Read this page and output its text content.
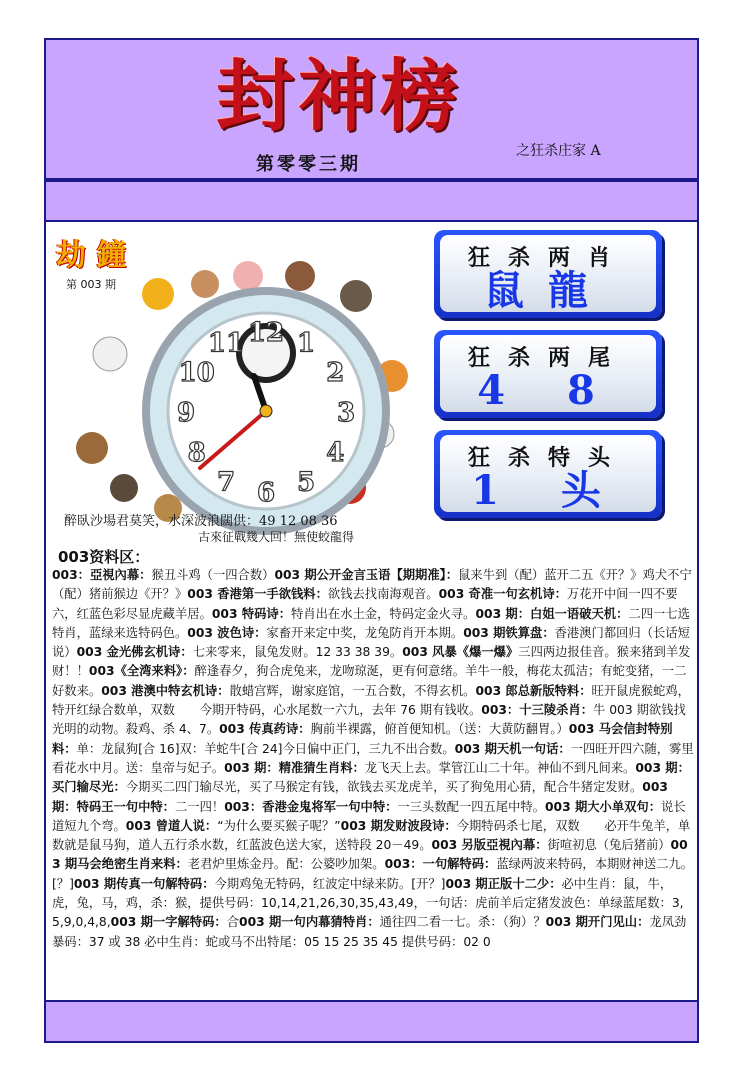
封神榜
第零零三期
之狂杀庄家 A
劫 鐘
第 003 期
12
11
10
9
8
7 6 5
4
3
2
1
醉臥沙場君莫笑，水深波浪闊供：49 12 08 36
古來征戰幾人回！無使蛟龍得
狂杀两肖
鼠龍
狂杀两尾
4 8
狂杀特头
1 头
003资料区：
003：亞視內幕：猴丑斗鸡（一四合数）003 期公开金言玉语【期期准】：鼠来牛到（配）蓝开二五《开？》鸡犬不宁（配）猪前猴边《开？》003 香港第一手欲钱料：欲钱去找南海观音。003 奇准一句玄机诗：万花开中间一四不要六，红蓝色彩尽显虎藏羊居。003 特码诗：特肖出在水土金，特码定金火寻。003 期：白姐一语破天机：二四一七选特肖，蓝绿来选特码色。003 波色诗：家畜开来定中奖，龙兔防肖开本期。003 期铁算盘：香港澳门都回归（长话短说）003 金光佛玄机诗：七来零来，鼠兔发财。12 33 38 39。003 风暴《爆一爆》三四两边报佳音。猴来猪到羊发财！！003《全湾来料》：醉逢春夕，狗合虎兔来，龙吻琼涎，更有何意绪。羊牛一般，梅花太孤洁；有蛇变猪，一二好数来。003 港澳中特玄机诗：散蜡宫辉，谢家庭馆，一五合数，不得玄机。003 郎总新版特料：旺开鼠虎猴蛇鸡，特开红绿合数单，双数　　今期开特码，心水尾数一六九，去年 76 期有钱收。003：十三陵杀肖：牛 003 期欲钱找光明的动物。殺鸡、杀 4、7。003 传真药诗：胸前半裸露，俯首便知机。（送：大黄防翻胃。）003 马会信封特别料：单：龙鼠狗[合 16]双：羊蛇牛[合 24]今日偏中正门，三九不出合数。003 期天机一句话：一四旺开四六随，雾里看花水中月。送：皇帝与妃子。003 期：精准猜生肖料：龙飞天上去。掌管江山二十年。神仙不到凡间来。003 期：买门输尽光：今期买二四门输尽光，买了马猴定有钱，欲钱去买龙虎羊，买了狗兔用心猜，配合牛猪定发财。003 期：特码王一句中特：二一四！003：香港金鬼将军一句中特：一三头数配一四五尾中特。003 期大小单双句：说长道短九个弯。003 曾道人说：“为什么要买猴子呢？”003 期发财波段诗：今期特码杀七尾，双数　　必开牛兔羊，单数就是鼠马狗，道人五行杀水数，红蓝波色送大家，送特段 20－49。003 另版亞視內幕：街喧初息（兔后猪前）003 期马会绝密生肖来料：老君炉里炼金丹。配：公婆吵加架。003：一句解特码：蓝绿两波来特码，本期财神送二九。[？]003 期传真一句解特码：今期鸡兔无特码，红波定中绿来防。[开？]003 期正版十二少：必中生肖：鼠，牛，虎，兔，马，鸡，杀：猴，提供号码：10,14,21,26,30,35,43,49，一句话：虎前羊后定猪发波色：单绿蓝尾数：3,5,9,0,4,8,003 期一字解特码：合003 期一句内幕猜特肖：通往四二看一七。杀：（狗）？003 期开门见山：龙凤劲暴码：37 或 38 必中生肖：蛇或马不出特尾：05 15 25 35 45 提供号码：02 0
